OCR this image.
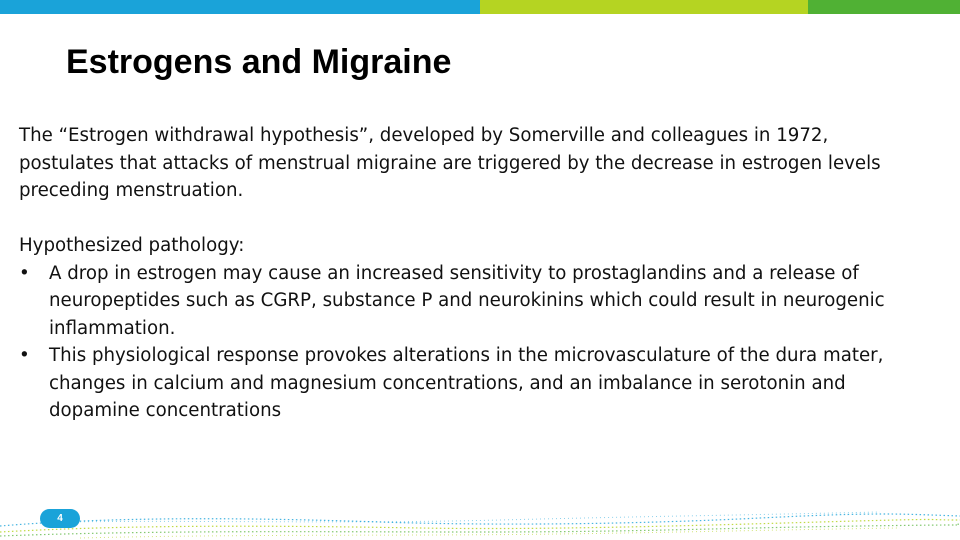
Estrogens and Migraine

The “Estrogen withdrawal hypothesis”, developed by Somerville and colleagues in 1972,
postulates that attacks of menstrual migraine are triggered by the decrease in estrogen levels
preceding menstruation.

Hypothesized pathology:

• A drop in estrogen may cause an increased sensitivity to prostaglandins and a release of
neuropeptides such as CGRP, substance P and neurokinins which could result in neurogenic
inflammation.
• This physiological response provokes alterations in the microvasculature of the dura mater,
changes in calcium and magnesium concentrations, and an imbalance in serotonin and
dopamine concentrations
4
